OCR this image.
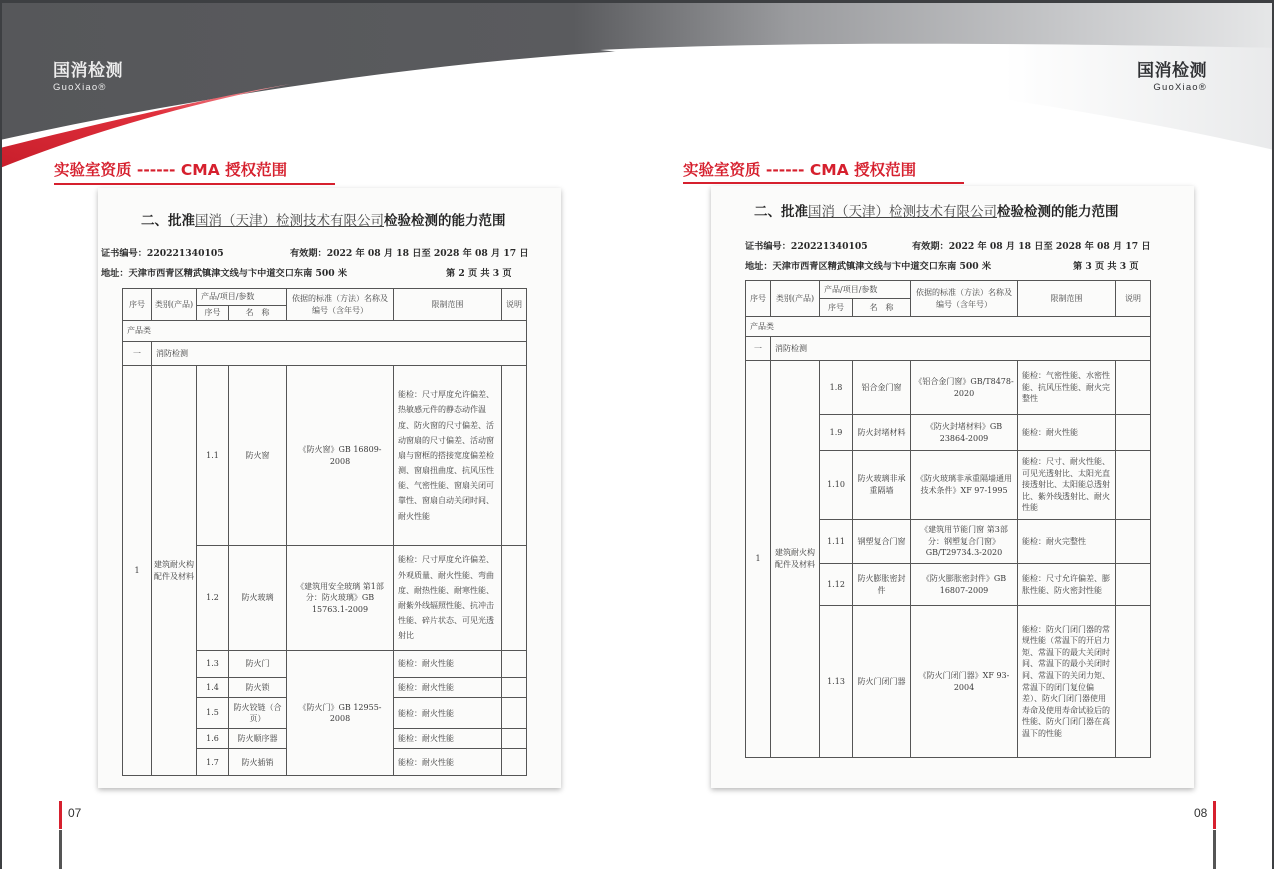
国消检测
GuoXiao®
国消检测
GuoXiao®
实验室资质 ------ CMA 授权范围	实验室资质 ------ CMA 授权范围
二、批准国消（天津）检测技术有限公司检验检测的能力范围
证书编号：220221340105	有效期：2022 年 08 月 18 日至 2028 年 08 月 17 日
地址：天津市西青区精武镇津文线与卞中道交口东南 500 米	第 2 页 共 3 页
序号	类别(产品)	产品/项目/参数		依据的标准（方法）名称及编号（含年号）	限制范围	说明
		序号	名　称			
产品类						
一	消防检测					
1	建筑耐火构配件及材料	1.1	防火窗	《防火窗》GB 16809-2008	能检：尺寸厚度允许偏差、热敏感元件的静态动作温度、防火窗的尺寸偏差、活动窗扇的尺寸偏差、活动窗扇与窗框的搭接宽度偏差检测、窗扇扭曲度、抗风压性能、气密性能、窗扇关闭可靠性、窗扇自动关闭时间、耐火性能	
		1.2	防火玻璃	《建筑用安全玻璃 第1部分：防火玻璃》GB 15763.1-2009	能检：尺寸厚度允许偏差、外观质量、耐火性能、弯曲度、耐热性能、耐寒性能、耐紫外线辐照性能、抗冲击性能、碎片状态、可见光透射比	
		1.3	防火门	《防火门》GB 12955-2008	能检：耐火性能	
		1.4	防火锁		能检：耐火性能	
		1.5	防火铰链（合页）		能检：耐火性能	
		1.6	防火顺序器		能检：耐火性能	
		1.7	防火插销		能检：耐火性能	
二、批准国消（天津）检测技术有限公司检验检测的能力范围
证书编号：220221340105	有效期：2022 年 08 月 18 日至 2028 年 08 月 17 日
地址：天津市西青区精武镇津文线与卞中道交口东南 500 米	第 3 页 共 3 页
序号	类别(产品)	产品/项目/参数		依据的标准（方法）名称及编号（含年号）	限制范围	说明
		序号	名　称			
产品类						
一	消防检测					
1	建筑耐火构配件及材料	1.8	铝合金门窗	《铝合金门窗》GB/T8478-2020	能检：气密性能、水密性能、抗风压性能、耐火完整性	
		1.9	防火封堵材料	《防火封堵材料》GB 23864-2009	能检：耐火性能	
		1.10	防火玻璃非承重隔墙	《防火玻璃非承重隔墙通用技术条件》XF 97-1995	能检：尺寸、耐火性能、可见光透射比、太阳光直接透射比、太阳能总透射比、紫外线透射比、耐火性能	
		1.11	钢塑复合门窗	《建筑用节能门窗 第3部分：钢塑复合门窗》GB/T29734.3-2020	能检：耐火完整性	
		1.12	防火膨胀密封件	《防火膨胀密封件》GB 16807-2009	能检：尺寸允许偏差、膨胀性能、防火密封性能	
		1.13	防火门闭门器	《防火门闭门器》XF 93-2004	能检：防火门闭门器的常规性能（常温下的开启力矩、常温下的最大关闭时间、常温下的最小关闭时间、常温下的关闭力矩、常温下的闭门复位偏差）、防火门闭门器使用寿命及使用寿命试验后的性能、防火门闭门器在高温下的性能	
07	08
